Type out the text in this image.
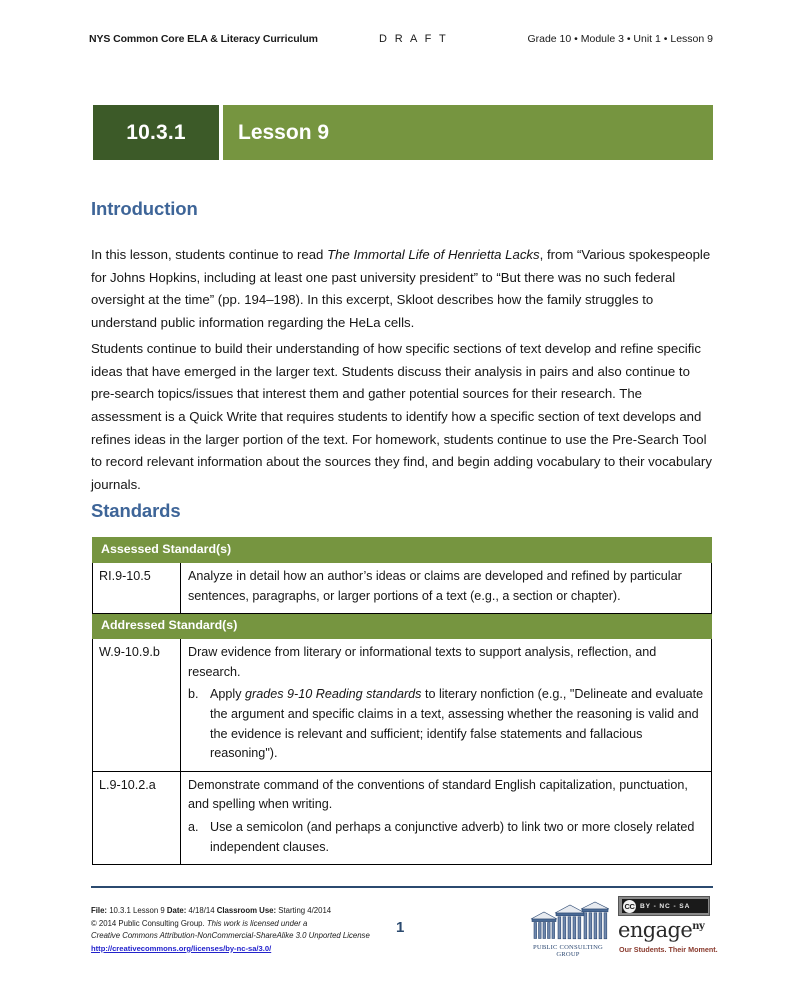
NYS Common Core ELA & Literacy Curriculum	D R A F T	Grade 10 • Module 3 • Unit 1 • Lesson 9
10.3.1	Lesson 9
Introduction

In this lesson, students continue to read The Immortal Life of Henrietta Lacks, from “Various spokespeople for Johns Hopkins, including at least one past university president” to “But there was no such federal oversight at the time” (pp. 194–198). In this excerpt, Skloot describes how the family struggles to understand public information regarding the HeLa cells.

Students continue to build their understanding of how specific sections of text develop and refine specific ideas that have emerged in the larger text. Students discuss their analysis in pairs and also continue to pre-search topics/issues that interest them and gather potential sources for their research. The assessment is a Quick Write that requires students to identify how a specific section of text develops and refines ideas in the larger portion of the text. For homework, students continue to use the Pre-Search Tool to record relevant information about the sources they find, and begin adding vocabulary to their vocabulary journals.

Standards
Assessed Standard(s)	
RI.9-10.5	Analyze in detail how an author’s ideas or claims are developed and refined by particular sentences, paragraphs, or larger portions of a text (e.g., a section or chapter).
Addressed Standard(s)	
W.9-10.9.b	Draw evidence from literary or informational texts to support analysis, reflection, and research.
b. Apply grades 9-10 Reading standards to literary nonfiction (e.g., "Delineate and evaluate the argument and specific claims in a text, assessing whether the reasoning is valid and the evidence is relevant and sufficient; identify false statements and fallacious reasoning").

L.9-10.2.a	Demonstrate command of the conventions of standard English capitalization, punctuation, and spelling when writing.
a. Use a semicolon (and perhaps a conjunctive adverb) to link two or more closely related independent clauses.
File: 10.3.1 Lesson 9 Date: 4/18/14 Classroom Use: Starting 4/2014
© 2014 Public Consulting Group. This work is licensed under a
Creative Commons Attribution-NonCommercial-ShareAlike 3.0 Unported License
http://creativecommons.org/licenses/by-nc-sa/3.0/
1
PUBLIC CONSULTING
GROUP
CC BY - NC - SA
engage$^{ny}$
Our Students. Their Moment.
